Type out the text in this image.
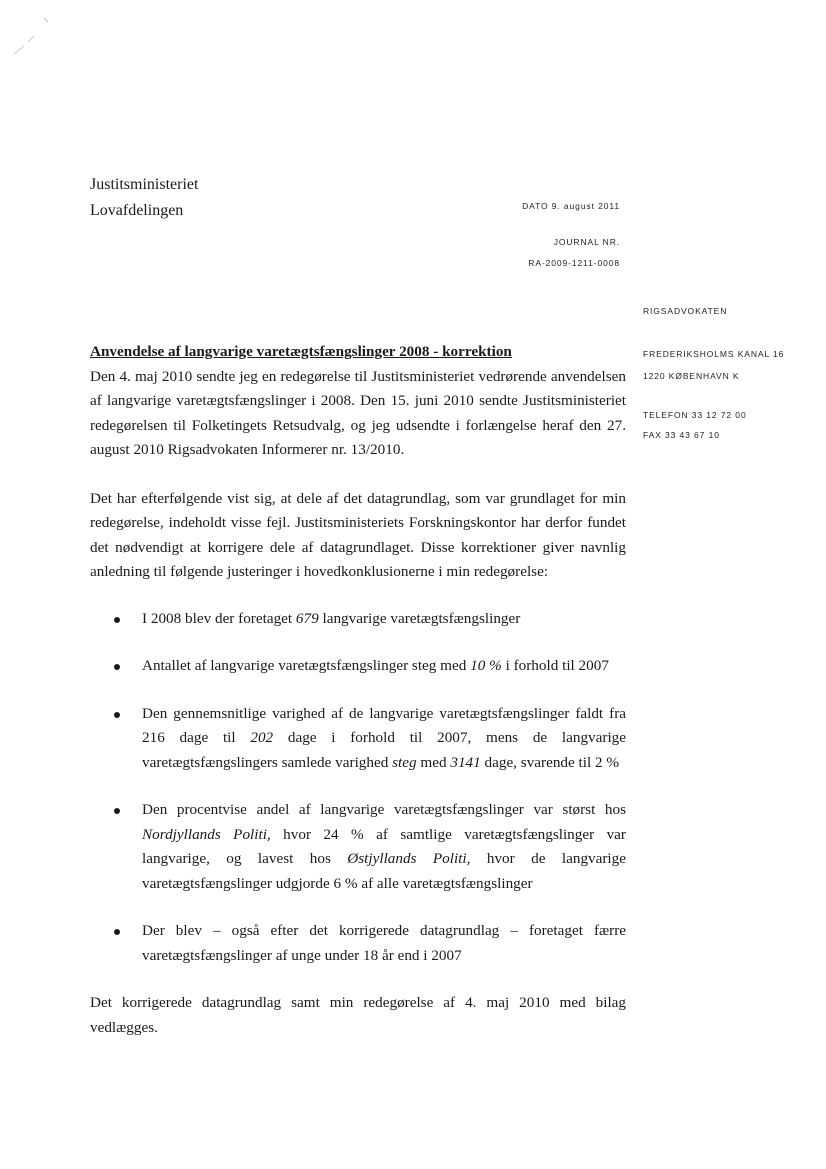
Justitsministeriet
Lovafdelingen	DATO 9. august 2011
JOURNAL NR.
RA-2009-1211-0008
RIGSADVOKATEN
FREDERIKSHOLMS KANAL 16
1220 KØBENHAVN K
TELEFON 33 12 72 00
FAX 33 43 67 10
Anvendelse af langvarige varetægtsfængslinger 2008 - korrektion

Den 4. maj 2010 sendte jeg en redegørelse til Justitsministeriet vedrørende anvendelsen af langvarige varetægtsfængslinger i 2008. Den 15. juni 2010 sendte Justitsministeriet redegørelsen til Folketingets Retsudvalg, og jeg udsendte i forlængelse heraf den 27. august 2010 Rigsadvokaten Informerer nr. 13/2010.

Det har efterfølgende vist sig, at dele af det datagrundlag, som var grundlaget for min redegørelse, indeholdt visse fejl. Justitsministeriets Forskningskontor har derfor fundet det nødvendigt at korrigere dele af datagrundlaget. Disse korrektioner giver navnlig anledning til følgende justeringer i hovedkonklusionerne i min redegørelse:

I 2008 blev der foretaget 679 langvarige varetægtsfængslinger
Antallet af langvarige varetægtsfængslinger steg med 10 % i forhold til 2007
Den gennemsnitlige varighed af de langvarige varetægtsfængslinger faldt fra 216 dage til 202 dage i forhold til 2007, mens de langvarige varetægtsfængslingers samlede varighed steg med 3141 dage, svarende til 2 %
Den procentvise andel af langvarige varetægtsfængslinger var størst hos Nordjyllands Politi, hvor 24 % af samtlige varetægtsfængslinger var langvarige, og lavest hos Østjyllands Politi, hvor de langvarige varetægtsfængslinger udgjorde 6 % af alle varetægtsfængslinger
Der blev – også efter det korrigerede datagrundlag – foretaget færre varetægtsfængslinger af unge under 18 år end i 2007

Det korrigerede datagrundlag samt min redegørelse af 4. maj 2010 med bilag vedlægges.
